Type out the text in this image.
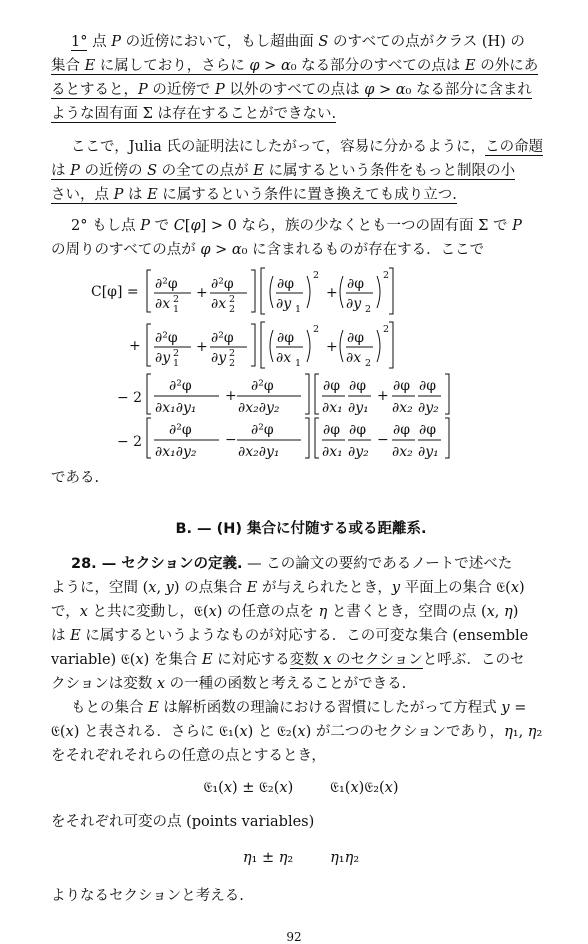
1° 点 P の近傍において，もし超曲面 S のすべての点がクラス (H) の
集合 E に属しており，さらに φ > α₀ なる部分のすべての点は E の外にあ
るとすると，P の近傍で P 以外のすべての点は φ > α₀ なる部分に含まれ
ような固有面 Σ は存在することができない.
ここで，Julia 氏の証明法にしたがって，容易に分かるように，この命題
は P の近傍の S の全ての点が E に属するという条件をもっと制限の小
さい，点 P は E に属するという条件に置き換えても成り立つ.
2° もし点 P で C[φ] > 0 なら，族の少なくとも一つの固有面 Σ で P
の周りのすべての点が φ > α₀ に含まれるものが存在する．ここで
C[φ] = ∂²φ
∂x 1
2 +
∂²φ
∂x 2
2
∂φ
∂y 1
2
+
∂φ
∂y 2
2
+ ∂²φ
∂y 1
2 +
∂²φ
∂y 2
2
∂φ
∂x 1
2
+
∂φ
∂x 2
2
− 2
∂²φ
∂x₁∂y₁
+
∂²φ
∂x₂∂y₂
∂φ
∂x₁
∂φ
∂y₁
+
∂φ
∂x₂
∂φ
∂y₂
− 2
∂²φ
∂x₁∂y₂
−
∂²φ
∂x₂∂y₁
∂φ
∂x₁
∂φ
∂y₂
−
∂φ
∂x₂
∂φ
∂y₁
である.
B. — (H) 集合に付随する或る距離系.
28. — セクションの定義. — この論文の要約であるノートで述べた
ように，空間 (x, y) の点集合 E が与えられたとき，y 平面上の集合 𝔈(x)
で，x と共に変動し，𝔈(x) の任意の点を η と書くとき，空間の点 (x, η)
は E に属するというようなものが対応する．この可変な集合 (ensemble
variable) 𝔈(x) を集合 E に対応する変数 x のセクションと呼ぶ．このセ
クションは変数 x の一種の函数と考えることができる.
もとの集合 E は解析函数の理論における習慣にしたがって方程式 y =
𝔈(x) と表される．さらに 𝔈₁(x) と 𝔈₂(x) が二つのセクションであり，η₁, η₂
をそれぞれそれらの任意の点とするとき，
𝔈₁(x) ± 𝔈₂(x)        𝔈₁(x)𝔈₂(x)
をそれぞれ可変の点 (points variables)
η₁ ± η₂        η₁η₂
よりなるセクションと考える.
92
